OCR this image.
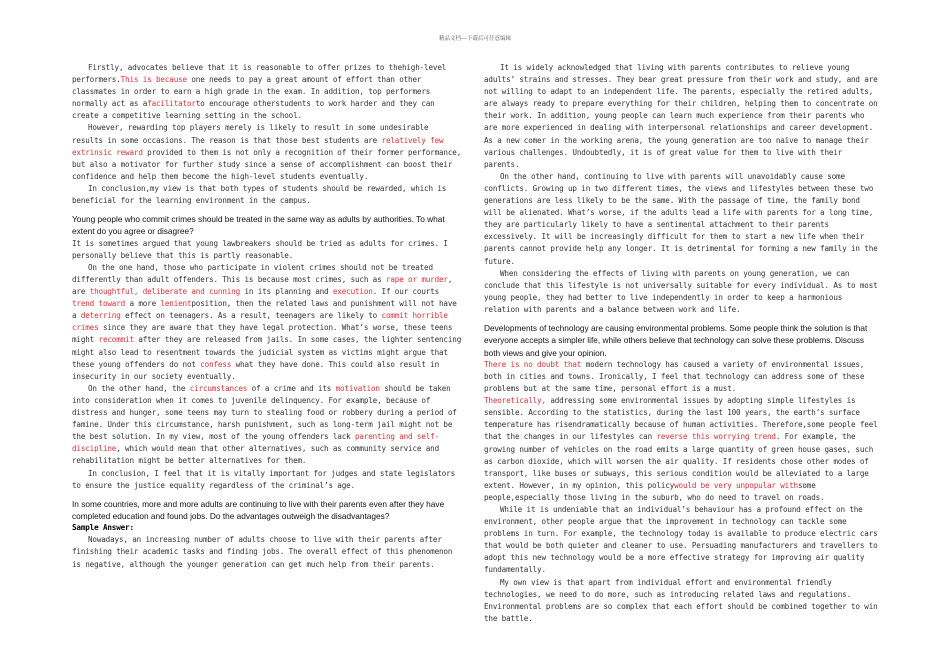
精品文档---下载后可任意编辑

Firstly, advocates believe that it is reasonable to offer prizes to thehigh-level performers.This is because one needs to pay a great amount of effort than other classmates in order to earn a high grade in the exam. In addition, top performers normally act as afacilitatorto encourage otherstudents to work harder and they can create a competitive learning setting in the school.

However, rewarding top players merely is likely to result in some undesirable results in some occasions. The reason is that those best students are relatively few extrinsic reward provided to them is not only a recognition of their former performance, but also a motivator for further study since a sense of accomplishment can boost their confidence and help them become the high-level students eventually.

In conclusion,my view is that both types of students should be rewarded, which is beneficial for the learning environment in the campus.

Young people who commit crimes should be treated in the same way as adults by authorities. To what extent do you agree or disagree?

It is sometimes argued that young lawbreakers should be tried as adults for crimes. I personally believe that this is partly reasonable.

On the one hand, those who participate in violent crimes should not be treated differently than adult offenders. This is because most crimes, such as rape or murder, are thoughtful, deliberate and cunning in its planning and execution. If our courts trend toward a more lenientposition, then the related laws and punishment will not have a deterring effect on teenagers. As a result, teenagers are likely to commit horrible crimes since they are aware that they have legal protection. What’s worse, these teens might recommit after they are released from jails. In some cases, the lighter sentencing might also lead to resentment towards the judicial system as victims might argue that these young offenders do not confess what they have done. This could also result in insecurity in our society eventually.

On the other hand, the circumstances of a crime and its motivation should be taken into consideration when it comes to juvenile delinquency. For example, because of distress and hunger, some teens may turn to stealing food or robbery during a period of famine. Under this circumstance, harsh punishment, such as long-term jail might not be the best solution. In my view, most of the young offenders lack parenting and self-discipline, which would mean that other alternatives, such as community service and rehabilitation might be better alternatives for them.

In conclusion, I feel that it is vitally important for judges and state legislators to ensure the justice equality regardless of the criminal’s age.

In some countries, more and more adults are continuing to live with their parents even after they have completed education and found jobs. Do the advantages outweigh the disadvantages?

Sample Answer:

Nowadays, an increasing number of adults choose to live with their parents after finishing their academic tasks and finding jobs. The overall effect of this phenomenon is negative, although the younger generation can get much help from their parents.

It is widely acknowledged that living with parents contributes to relieve young adults’ strains and stresses. They bear great pressure from their work and study, and are not willing to adapt to an independent life. The parents, especially the retired adults, are always ready to prepare everything for their children, helping them to concentrate on their work. In addition, young people can learn much experience from their parents who are more experienced in dealing with interpersonal relationships and career development. As a new comer in the working arena, the young generation are too naïve to manage their various challenges. Undoubtedly, it is of great value for them to live with their parents.

On the other hand, continuing to live with parents will unavoidably cause some conflicts. Growing up in two different times, the views and lifestyles between these two generations are less likely to be the same. With the passage of time, the family bond will be alienated. What’s worse, if the adults lead a life with parents for a long time, they are particularly likely to have a sentimental attachment to their parents excessively. It will be increasingly difficult for them to start a new life when their parents cannot provide help any longer. It is detrimental for forming a new family in the future.

When considering the effects of living with parents on young generation, we can conclude that this lifestyle is not universally suitable for every individual. As to most young people, they had better to live independently in order to keep a harmonious relation with parents and a balance between work and life.

Developments of technology are causing environmental problems. Some people think the solution is that everyone accepts a simpler life, while others believe that technology can solve these problems. Discuss both views and give your opinion.

There is no doubt that modern technology has caused a variety of environmental issues, both in cities and towns. Ironically, I feel that technology can address some of these problems but at the same time, personal effort is a must.

Theoretically, addressing some environmental issues by adopting simple lifestyles is sensible. According to the statistics, during the last 100 years, the earth’s surface temperature has risendramatically because of human activities. Therefore,some people feel that the changes in our lifestyles can reverse this worrying trend. For example, the growing number of vehicles on the road emits a large quantity of green house gases, such as carbon dioxide, which will worsen the air quality. If residents chose other modes of transport, like buses or subways, this serious condition would be alleviated to a large extent. However, in my opinion, this policywould be very unpopular withsome people,especially those living in the suburb, who do need to travel on roads.

While it is undeniable that an individual’s behaviour has a profound effect on the environment, other people argue that the improvement in technology can tackle some problems in turn. For example, the technology today is available to produce electric cars that would be both quieter and cleaner to use. Persuading manufacturers and travellers to adopt this new technology would be a more effective strategy for improving air quality fundamentally.

My own view is that apart from individual effort and environmental friendly technologies, we need to do more, such as introducing related laws and regulations. Environmental problems are so complex that each effort should be combined together to win the battle.
